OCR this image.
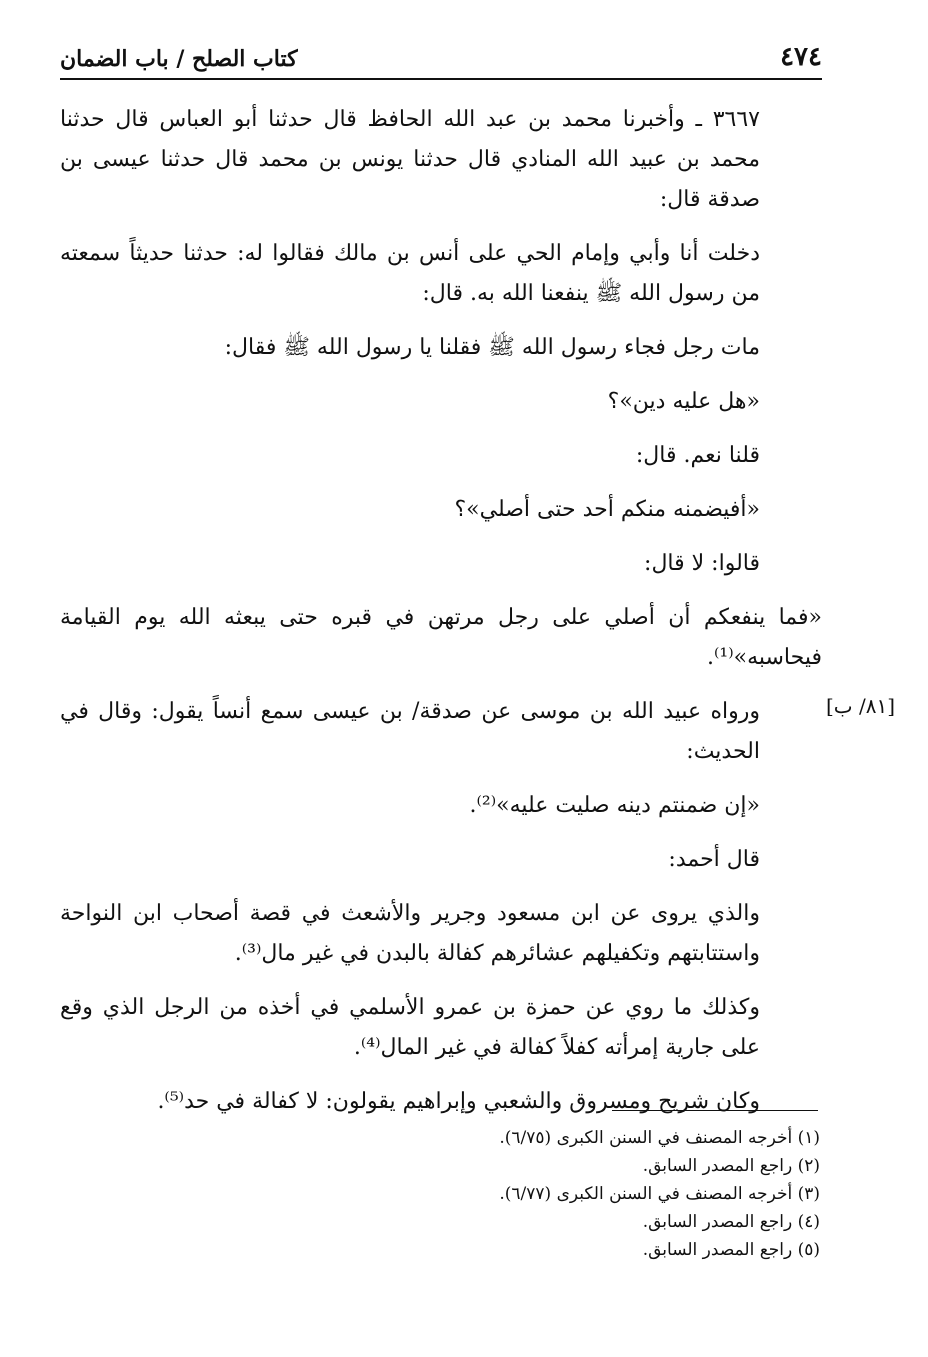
٤٧٤
كتاب الصلح / باب الضمان
[٨١/ ب]

٣٦٦٧ ـ وأخبرنا محمد بن عبد الله الحافظ قال حدثنا أبو العباس قال حدثنا محمد بن عبيد الله المنادي قال حدثنا يونس بن محمد قال حدثنا عيسى بن صدقة قال:

دخلت أنا وأبي وإمام الحي على أنس بن مالك فقالوا له: حدثنا حديثاً سمعته من رسول الله ﷺ ينفعنا الله به. قال:

مات رجل فجاء رسول الله ﷺ فقلنا يا رسول الله ﷺ فقال:

«هل عليه دين»؟

قلنا نعم. قال:

«أفيضمنه منكم أحد حتى أصلي»؟

قالوا: لا قال:

«فما ينفعكم أن أصلي على رجل مرتهن في قبره حتى يبعثه الله يوم القيامة فيحاسبه»⁽¹⁾.

ورواه عبيد الله بن موسى عن صدقة/ بن عيسى سمع أنساً يقول: وقال في الحديث:

«إن ضمنتم دينه صليت عليه»⁽²⁾.

قال أحمد:

والذي يروى عن ابن مسعود وجرير والأشعث في قصة أصحاب ابن النواحة واستتابتهم وتكفيلهم عشائرهم كفالة بالبدن في غير مال⁽³⁾.

وكذلك ما روي عن حمزة بن عمرو الأسلمي في أخذه من الرجل الذي وقع على جارية إمرأته كفلاً كفالة في غير المال⁽⁴⁾.

وكان شريح ومسروق والشعبي وإبراهيم يقولون: لا كفالة في حد⁽⁵⁾.

(١) أخرجه المصنف في السنن الكبرى (٦/٧٥).

(٢) راجع المصدر السابق.

(٣) أخرجه المصنف في السنن الكبرى (٦/٧٧).

(٤) راجع المصدر السابق.

(٥) راجع المصدر السابق.
